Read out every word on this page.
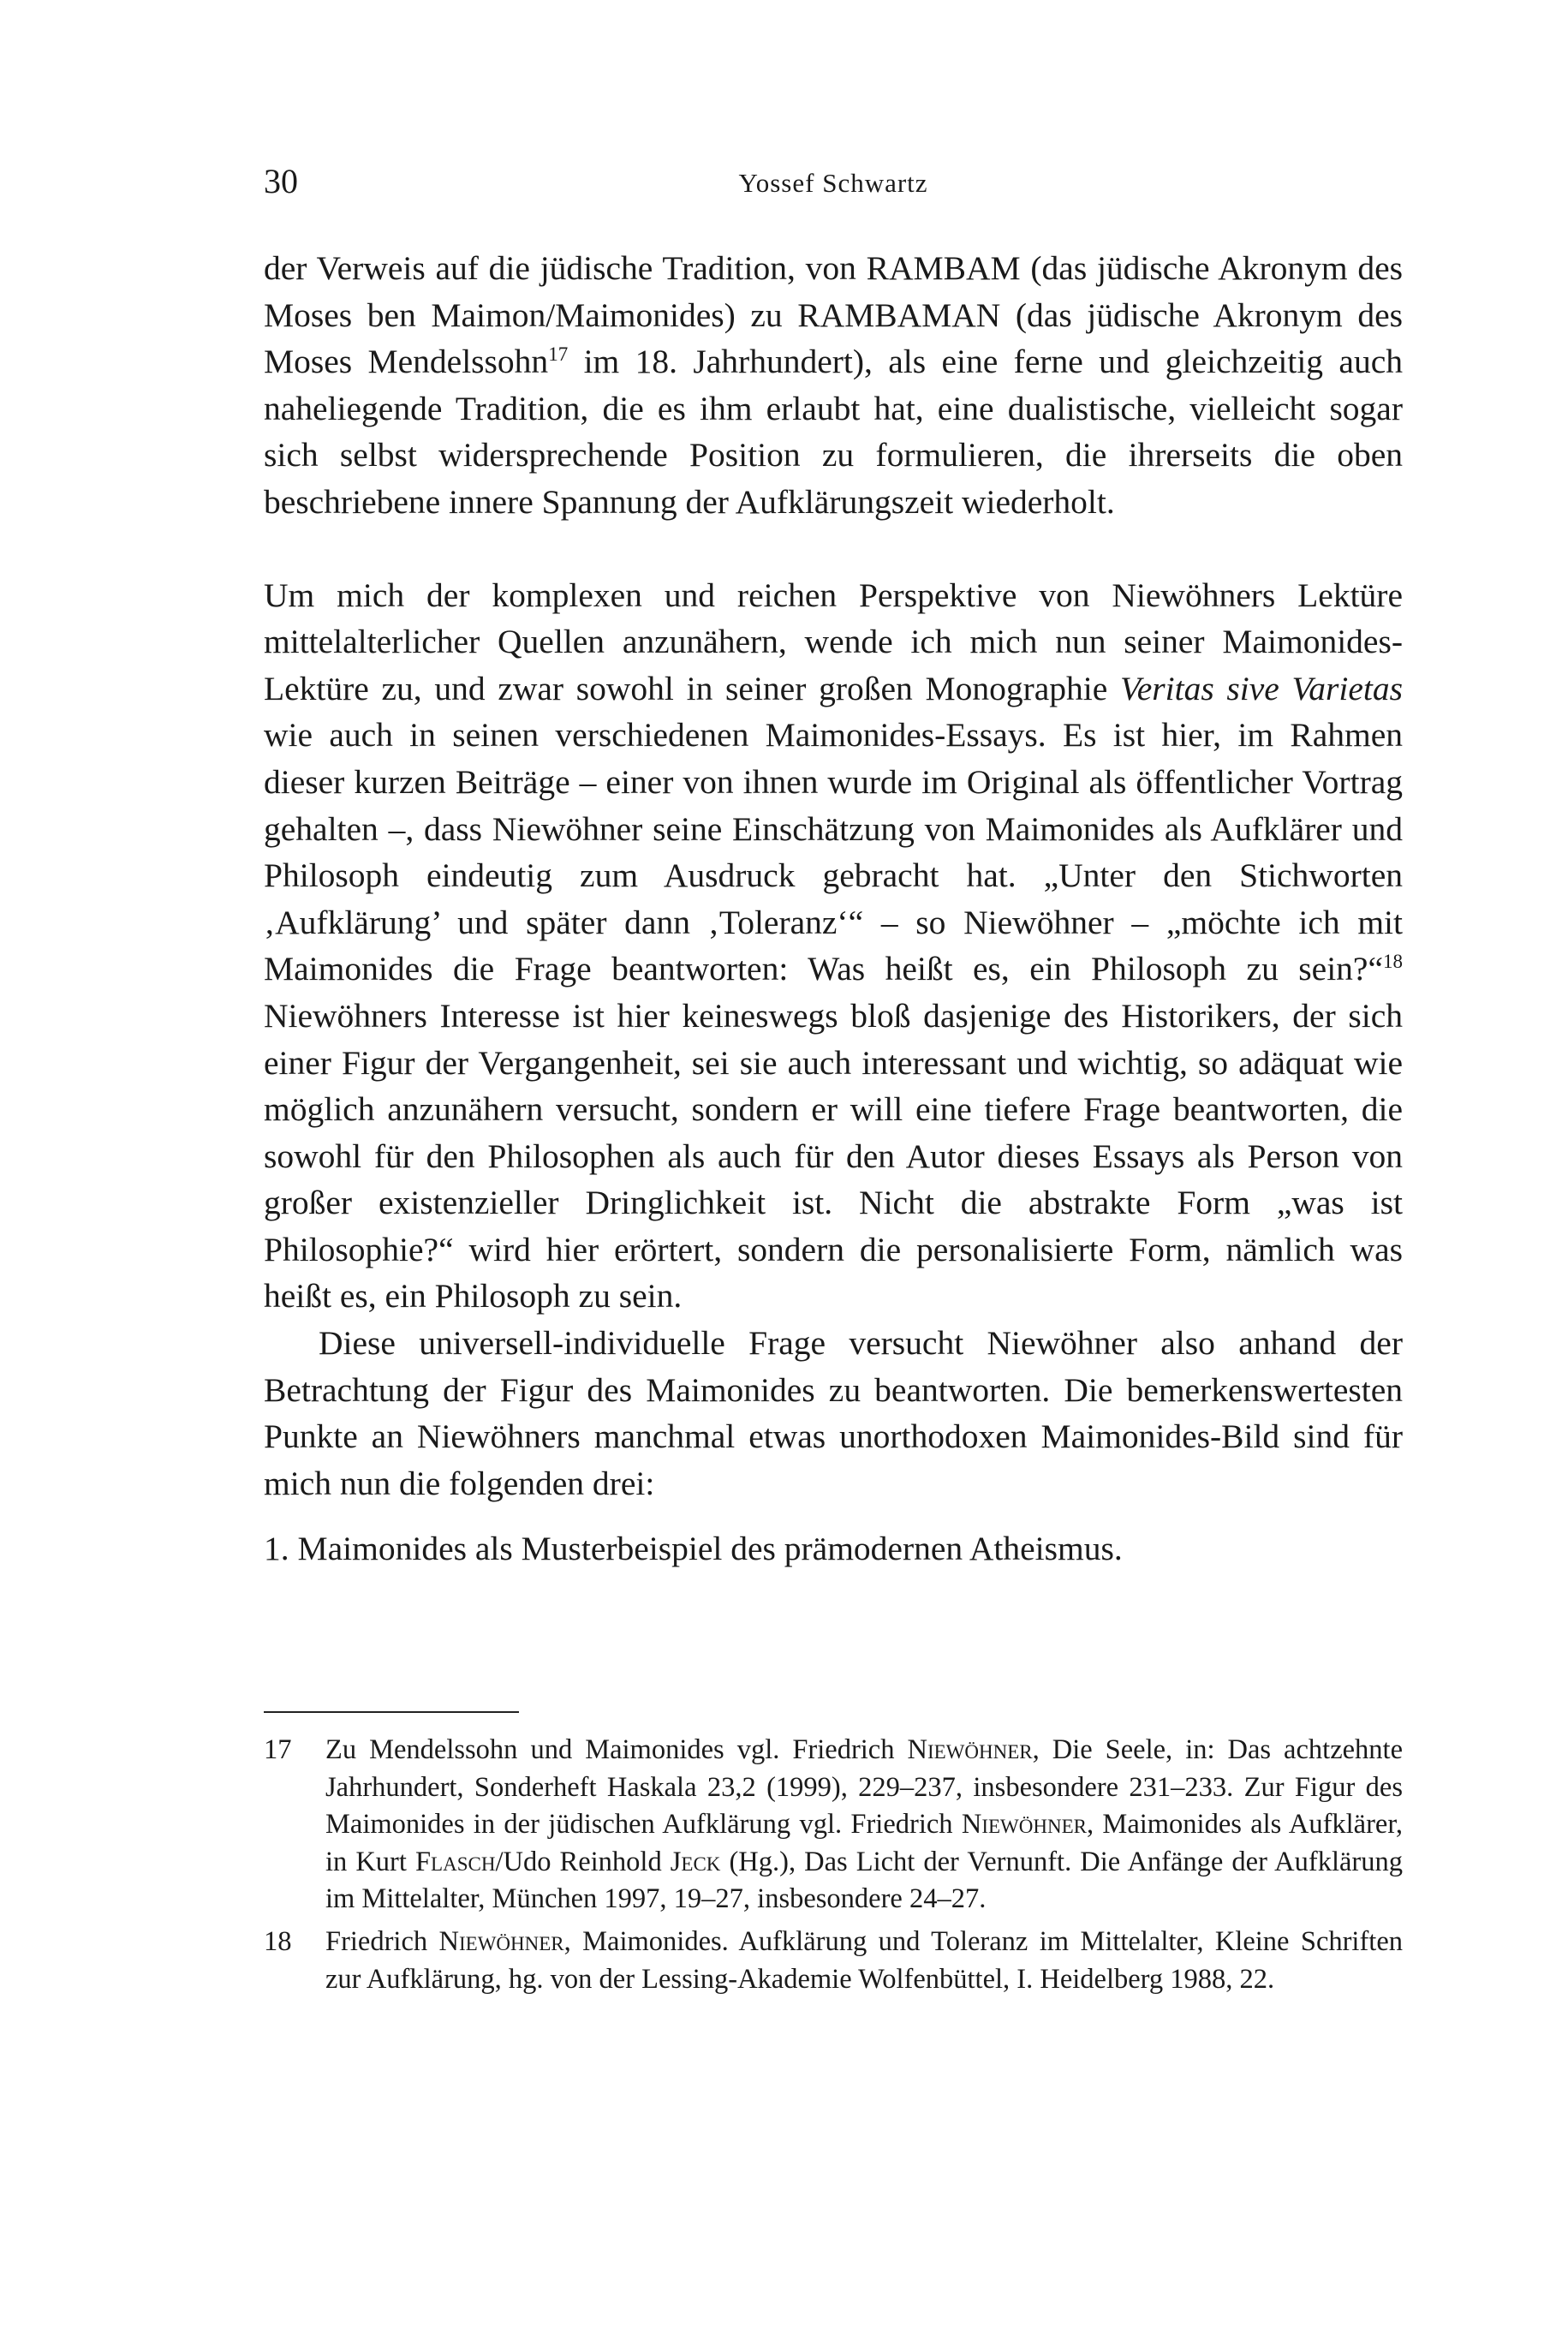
30	Yossef Schwartz

der Verweis auf die jüdische Tradition, von RAMBAM (das jüdische Akronym des Moses ben Maimon/Maimonides) zu RAMBAMAN (das jüdische Akronym des Moses Mendelssohn$^{17}$ im 18. Jahrhundert), als eine ferne und gleichzeitig auch naheliegende Tradition, die es ihm erlaubt hat, eine dualistische, vielleicht sogar sich selbst widersprechende Position zu formulieren, die ihrerseits die oben beschriebene innere Spannung der Aufklärungszeit wiederholt.

Um mich der komplexen und reichen Perspektive von Niewöhners Lektüre mittelalterlicher Quellen anzunähern, wende ich mich nun seiner Maimonides-Lektüre zu, und zwar sowohl in seiner großen Monographie Veritas sive Varietas wie auch in seinen verschiedenen Maimonides-Essays. Es ist hier, im Rahmen dieser kurzen Beiträge – einer von ihnen wurde im Original als öffentlicher Vortrag gehalten –, dass Niewöhner seine Einschätzung von Maimonides als Aufklärer und Philosoph eindeutig zum Ausdruck gebracht hat. „Unter den Stichworten ‚Aufklärung’ und später dann ‚Toleranz‘“ – so Niewöhner – „möchte ich mit Maimonides die Frage beantworten: Was heißt es, ein Philosoph zu sein?“$^{18}$ Niewöhners Interesse ist hier keineswegs bloß dasjenige des Historikers, der sich einer Figur der Vergangenheit, sei sie auch interessant und wichtig, so adäquat wie möglich anzunähern versucht, sondern er will eine tiefere Frage beantworten, die sowohl für den Philosophen als auch für den Autor dieses Essays als Person von großer existenzieller Dringlichkeit ist. Nicht die abstrakte Form „was ist Philosophie?“ wird hier erörtert, sondern die personalisierte Form, nämlich was heißt es, ein Philosoph zu sein.

Diese universell-individuelle Frage versucht Niewöhner also anhand der Betrachtung der Figur des Maimonides zu beantworten. Die bemerkenswertesten Punkte an Niewöhners manchmal etwas unorthodoxen Maimonides-Bild sind für mich nun die folgenden drei:

1. Maimonides als Musterbeispiel des prämodernen Atheismus.
17	Zu Mendelssohn und Maimonides vgl. Friedrich Niewöhner, Die Seele, in: Das achtzehnte Jahrhundert, Sonderheft Haskala 23,2 (1999), 229–237, insbesondere 231–233. Zur Figur des Maimonides in der jüdischen Aufklärung vgl. Friedrich Niewöhner, Maimonides als Aufklärer, in Kurt Flasch/Udo Reinhold Jeck (Hg.), Das Licht der Vernunft. Die Anfänge der Aufklärung im Mittelalter, München 1997, 19–27, insbesondere 24–27.
18	Friedrich Niewöhner, Maimonides. Aufklärung und Toleranz im Mittelalter, Kleine Schriften zur Aufklärung, hg. von der Lessing-Akademie Wolfenbüttel, I. Heidelberg 1988, 22.
